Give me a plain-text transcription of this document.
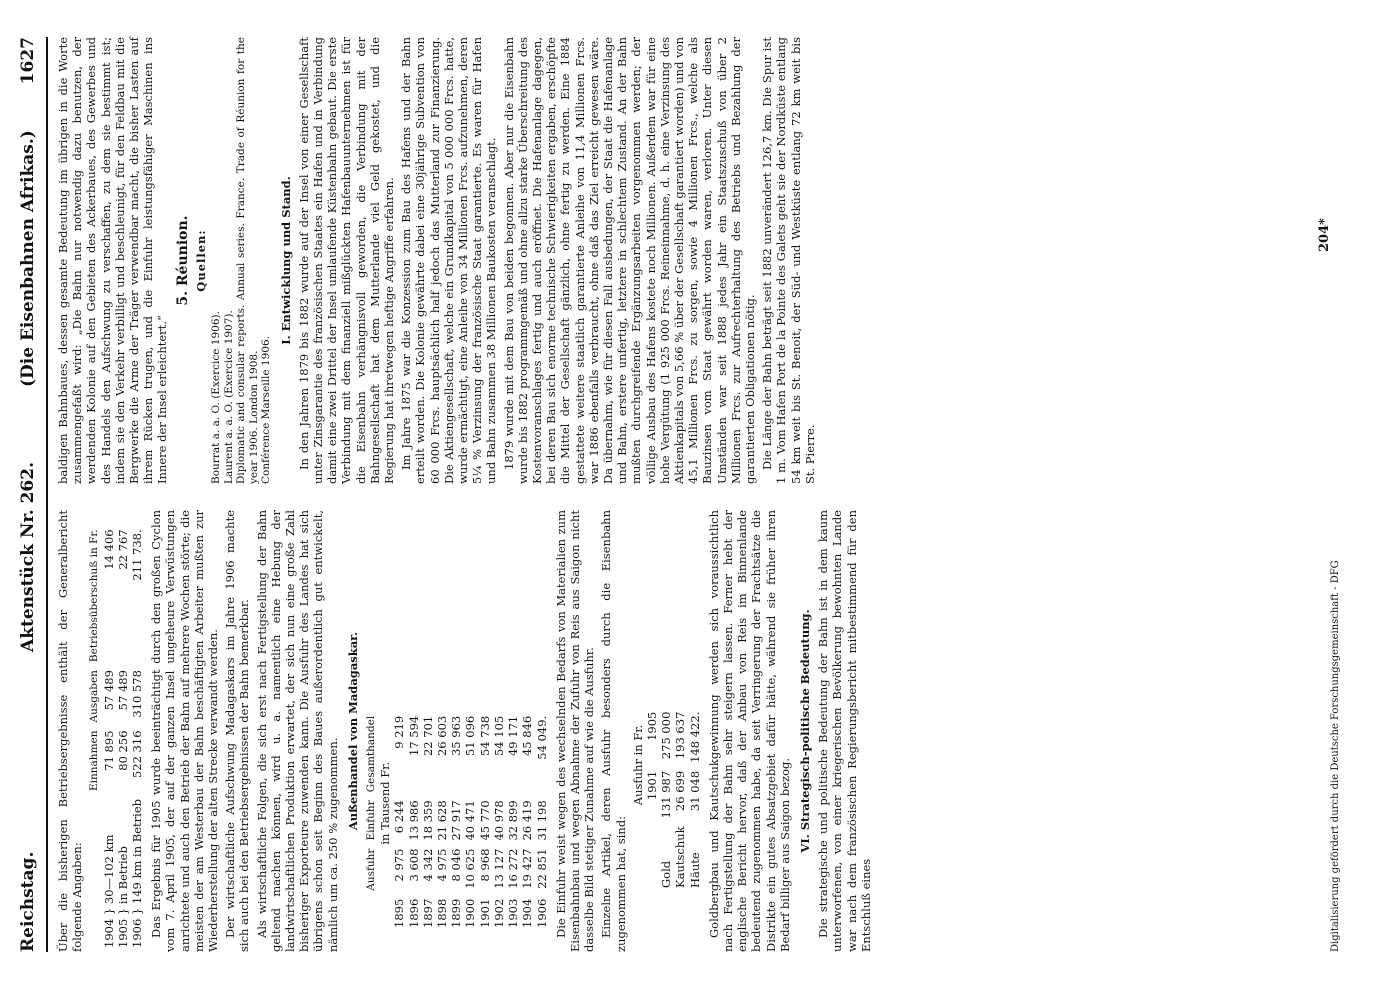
Reichstag.
Aktenstück Nr. 262.
(Die Eisenbahnen Afrikas.)
1627

Über die bisherigen Betriebsergebnisse enthält der Generalbericht folgende Angaben:

	Einnahmen	Ausgaben	Betriebsüberschuß in Fr.
1904 } 30—102 km	71 895	57 489	14 406
1905 } in Betrieb	80 256	57 489	22 767
1906 } 149 km in Betrieb	522 316	310 578	211 738. Das Ergebnis für 1905 wurde beeinträchtigt durch den großen Cyclon vom 7. April 1905, der auf der ganzen Insel ungeheure Verwüstungen anrichtete und auch den Betrieb der Bahn auf mehrere Wochen störte; die meisten der am Westerbau der Bahn beschäftigten Arbeiter mußten zur Wiederherstellung der alten Strecke verwandt werden. Der wirtschaftliche Aufschwung Madagaskars im Jahre 1906 machte sich auch bei den Betriebsergebnissen der Bahn bemerkbar. Als wirtschaftliche Folgen, die sich erst nach Fertigstellung der Bahn geltend machen können, wird u. a. namentlich eine Hebung der landwirtschaftlichen Produktion erwartet, der sich nun eine große Zahl bisheriger Exporteure zuwenden kann. Die Ausfuhr des Landes hat sich übrigens schon seit Beginn des Baues außerordentlich gut entwickelt, nämlich um ca. 250 % zugenommen.

Außenhandel von Madagaskar.
	Ausfuhr	Einfuhr	Gesamthandel
	in Tausend Fr.		
1895	2 975	6 244	9 219
1896	3 608	13 986	17 594
1897	4 342	18 359	22 701
1898	4 975	21 628	26 603
1899	8 046	27 917	35 963
1900	10 625	40 471	51 096
1901	8 968	45 770	54 738
1902	13 127	40 978	54 105
1903	16 272	32 899	49 171
1904	19 427	26 419	45 846
1906	22 851	31 198	54 049. Die Einfuhr weist wegen des wechselnden Bedarfs von Materialien zum Eisenbahnbau und wegen Abnahme der Zufuhr von Reis aus Saigon nicht dasselbe Bild stetiger Zunahme auf wie die Ausfuhr. Einzelne Artikel, deren Ausfuhr besonders durch die Eisenbahn zugenommen hat, sind:

	Ausfuhr in Fr.	
	1901	1905
Gold	131 987	275 000
Kautschuk	26 699	193 637
Häute	31 048	148 422. Goldbergbau und Kautschukgewinnung werden sich voraussichtlich nach Fertigstellung der Bahn sehr steigern lassen. Ferner hebt der englische Bericht hervor, daß der Anbau von Reis im Binnenlande bedeutend zugenommen habe, da seit Verringerung der Frachtsätze die Distrikte ein gutes Absatzgebiet dafür hätte, während sie früher ihren Bedarf billiger aus Saigon bezog.

VI. Strategisch-politische Bedeutung. Die strategische und politische Bedeutung der Bahn ist in dem kaum unterworfenen, von einer kriegerischen Bevölkerung bewohnten Lande war nach dem französischen Regierungsbericht mitbestimmend für den Entschluß eines

baldigen Bahnbaues, dessen gesamte Bedeutung im übrigen in die Worte zusammengefaßt wird: „Die Bahn nur notwendig dazu benutzen, der werdenden Kolonie auf den Gebieten des Ackerbaues, des Gewerbes und des Handels den Aufschwung zu verschaffen, zu dem sie bestimmt ist; indem sie den Verkehr verbilligt und beschleunigt, für den Feldbau mit die Bergwerke die Arme der Träger verwendbar macht, die bisher Lasten auf ihrem Rücken trugen, und die Einfuhr leistungsfähiger Maschinen ins Innere der Insel erleichtert.“

5. Réunion. Quellen:
Bourrat a. a. O. (Exercice 1906). Laurent a. a. O. (Exercice 1907). Diplomatic and consular reports. Annual series. France. Trade of Réunion for the year 1906. London 1908. Conférence Marseille 1906.
I. Entwicklung und Stand. In den Jahren 1879 bis 1882 wurde auf der Insel von einer Gesellschaft unter Zinsgarantie des französischen Staates ein Hafen und in Verbindung damit eine zwei Drittel der Insel umlaufende Küstenbahn gebaut. Die erste Verbindung mit dem finanziell mißglückten Hafenbauunternehmen ist für die Eisenbahn verhängnisvoll geworden, die Verbindung mit der Bahngesellschaft hat dem Mutterlande viel Geld gekostet, und die Regierung hat ihretwegen heftige Angriffe erfahren. Im Jahre 1875 war die Konzession zum Bau des Hafens und der Bahn erteilt worden. Die Kolonie gewährte dabei eine 30jährige Subvention von 60 000 Frcs. hauptsächlich half jedoch das Mutterland zur Finanzierung. Die Aktiengesellschaft, welche ein Grundkapital von 5 000 000 Frcs. hatte, wurde ermächtigt, eine Anleihe von 34 Millionen Frcs. aufzunehmen, deren 5¼ % Verzinsung der französische Staat garantierte. Es waren für Hafen und Bahn zusammen 38 Millionen Baukosten veranschlagt. 1879 wurde mit dem Bau von beiden begonnen. Aber nur die Eisenbahn wurde bis 1882 programmgemäß und ohne allzu starke Überschreitung des Kostenvoranschlages fertig und auch eröffnet. Die Hafenanlage dagegen, bei deren Bau sich enorme technische Schwierigkeiten ergaben, erschöpfte die Mittel der Gesellschaft gänzlich, ohne fertig zu werden. Eine 1884 gestattete weitere staatlich garantierte Anleihe von 11,4 Millionen Frcs. war 1886 ebenfalls verbraucht, ohne daß das Ziel erreicht gewesen wäre. Da übernahm, wie für diesen Fall ausbedungen, der Staat die Hafenanlage und Bahn, erstere unfertig, letztere in schlechtem Zustand. An der Bahn mußten durchgreifende Ergänzungsarbeiten vorgenommen werden; der völlige Ausbau des Hafens kostete noch Millionen. Außerdem war für eine hohe Vergütung (1 925 000 Frcs. Reineinnahme, d. h. eine Verzinsung des Aktienkapitals von 5,66 % über der Gesellschaft garantiert worden) und von 45,1 Millionen Frcs. zu sorgen, sowie 4 Millionen Frcs., welche als Bauzinsen vom Staat gewährt worden waren, verloren. Unter diesen Umständen war seit 1888 jedes Jahr ein Staatszuschuß von über 2 Millionen Frcs. zur Aufrechterhaltung des Betriebs und Bezahlung der garantierten Obligationen nötig. Die Länge der Bahn beträgt seit 1882 unverändert 126,7 km. Die Spur ist 1 m. Vom Hafen Port de la Pointe des Galets geht sie der Nordküste entlang 54 km weit bis St. Benoit, der Süd- und Westküste entlang 72 km weit bis St. Pierre.

204*
Digitalisierung gefördert durch die Deutsche Forschungsgemeinschaft - DFG
